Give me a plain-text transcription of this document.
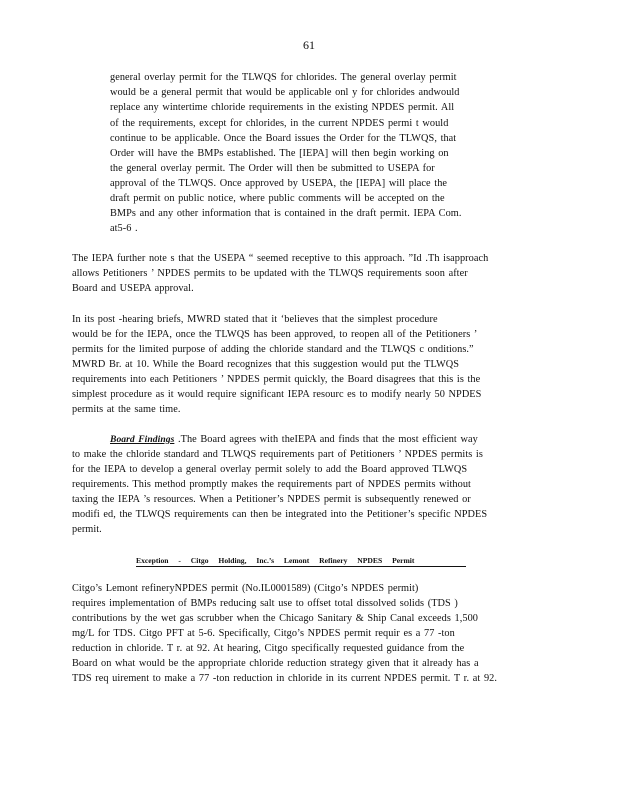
61
general overlay permit for the TLWQS for chlorides. The general overlay permit
would be a general permit that would be applicable onl y for chlorides andwould
replace any wintertime chloride requirements in the existing NPDES permit. All
of the requirements, except for chlorides, in the current NPDES permi t would
continue to be applicable. Once the Board issues the Order for the TLWQS, that
Order will have the BMPs established. The [IEPA] will then begin working on
the general overlay permit. The Order will then be submitted to USEPA for
approval of the TLWQS. Once approved by USEPA, the [IEPA] will place the
draft permit on public notice, where public comments will be accepted on the
BMPs and any other information that is contained in the draft permit. IEPA Com.
at5-6 .
The IEPA further note s that the USEPA “ seemed receptive to this approach. ”Id .Th isapproach
allows Petitioners ’ NPDES permits to be updated with the TLWQS requirements soon after
Board and USEPA approval.
In its post -hearing briefs, MWRD stated that it ‘believes that the simplest procedure
would be for the IEPA, once the TLWQS has been approved, to reopen all of the Petitioners ’
permits for the limited purpose of adding the chloride standard and the TLWQS c onditions.”
MWRD Br. at 10. While the Board recognizes that this suggestion would put the TLWQS
requirements into each Petitioners ’ NPDES permit quickly, the Board disagrees that this is the
simplest procedure as it would require significant IEPA resourc es to modify nearly 50 NPDES
permits at the same time.
Board Findings .The Board agrees with theIEPA and finds that the most efficient way
to make the chloride standard and TLWQS requirements part of Petitioners ’ NPDES permits is
for the IEPA to develop a general overlay permit solely to add the Board approved TLWQS
requirements. This method promptly makes the requirements part of NPDES permits without
taxing the IEPA ’s resources. When a Petitioner’s NPDES permit is subsequently renewed or
modifi ed, the TLWQS requirements can then be integrated into the Petitioner’s specific NPDES
permit.
Exception - Citgo Holding, Inc.’s Lemont Refinery NPDES Permit
Citgo’s Lemont refineryNPDES permit (No.IL0001589) (Citgo’s NPDES permit)
requires implementation of BMPs reducing salt use to offset total dissolved solids (TDS )
contributions by the wet gas scrubber when the Chicago Sanitary & Ship Canal exceeds 1,500
mg/L for TDS. Citgo PFT at 5-6. Specifically, Citgo’s NPDES permit requir es a 77 -ton
reduction in chloride. T r. at 92. At hearing, Citgo specifically requested guidance from the
Board on what would be the appropriate chloride reduction strategy given that it already has a
TDS req uirement to make a 77 -ton reduction in chloride in its current NPDES permit. T r. at 92.
